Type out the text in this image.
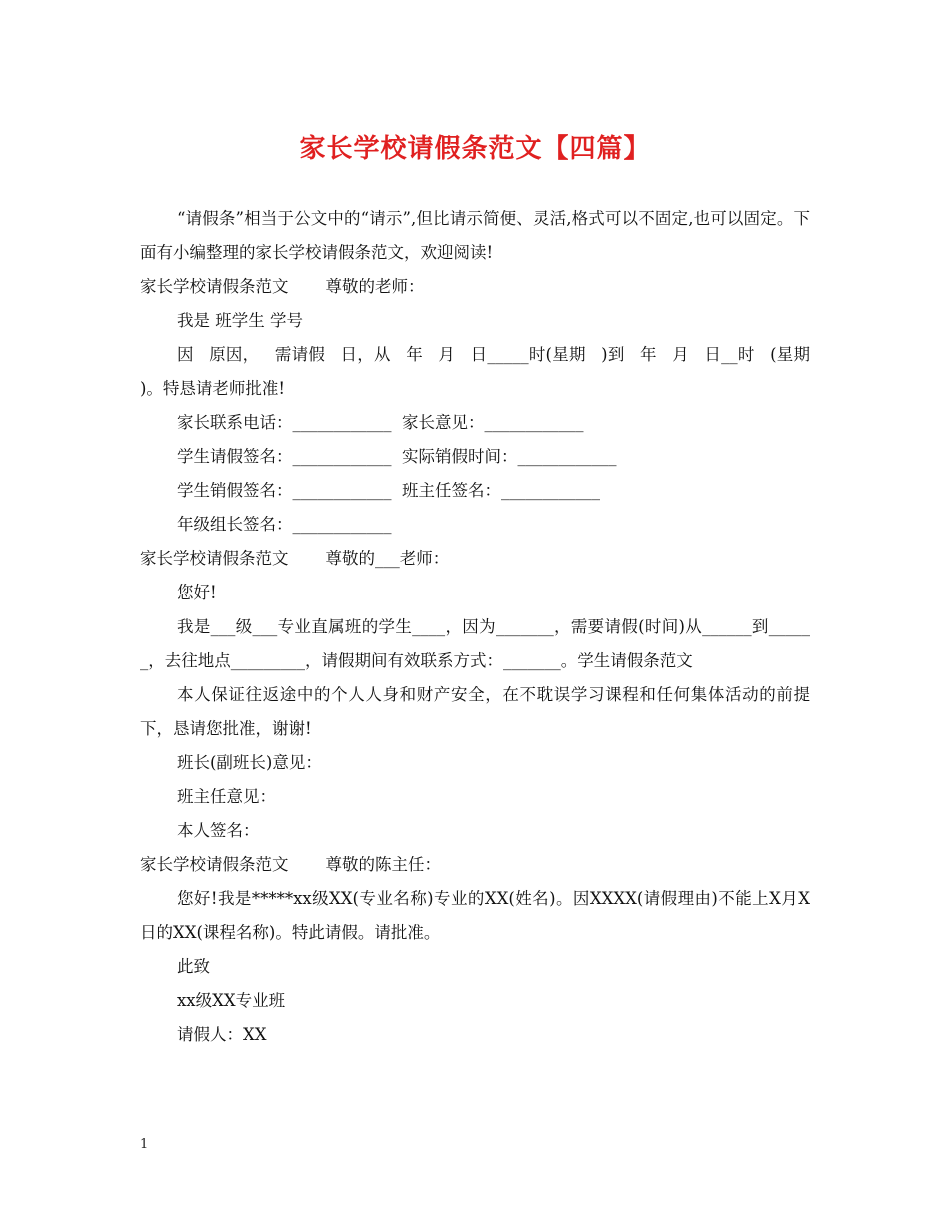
家长学校请假条范文【四篇】

“请假条”相当于公文中的“请示”,但比请示简便、灵活,格式可以不固定,也可以固定。下面有小编整理的家长学校请假条范文，欢迎阅读!

家长学校请假条范文 尊敬的老师：

我是 班学生 学号

因 原因， 需请假 日，从 年 月 日_____时(星期 )到 年 月 日__时 (星期 )。特恳请老师批准!

家长联系电话：____________ 家长意见：____________

学生请假签名：____________ 实际销假时间：____________

学生销假签名：____________ 班主任签名：____________

年级组长签名：____________

家长学校请假条范文 尊敬的___老师：

您好!

我是___级___专业直属班的学生____，因为_______，需要请假(时间)从______到______，去往地点_________，请假期间有效联系方式：_______。学生请假条范文

本人保证往返途中的个人人身和财产安全，在不耽误学习课程和任何集体活动的前提下，恳请您批准，谢谢!

班长(副班长)意见：

班主任意见：

本人签名：

家长学校请假条范文 尊敬的陈主任：

您好!我是*****xx级XX(专业名称)专业的XX(姓名)。因XXXX(请假理由)不能上X月X日的XX(课程名称)。特此请假。请批准。

此致

xx级XX专业班

请假人：XX

1
